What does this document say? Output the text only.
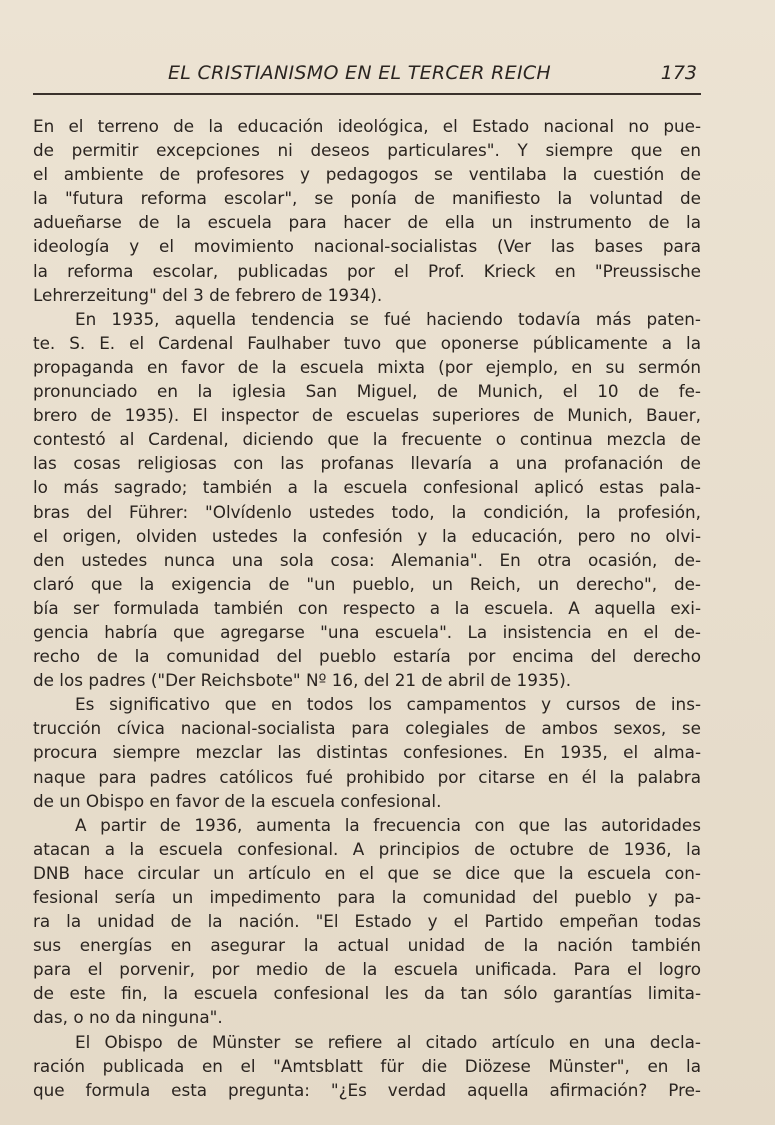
EL CRISTIANISMO EN EL TERCER REICH	173
En el terreno de la educación ideológica, el Estado nacional no pue-
de permitir excepciones ni deseos particulares". Y siempre que en
el ambiente de profesores y pedagogos se ventilaba la cuestión de
la "futura reforma escolar", se ponía de manifiesto la voluntad de
adueñarse de la escuela para hacer de ella un instrumento de la
ideología y el movimiento nacional-socialistas (Ver las bases para
la reforma escolar, publicadas por el Prof. Krieck en "Preussische
Lehrerzeitung" del 3 de febrero de 1934).
En 1935, aquella tendencia se fué haciendo todavía más paten-
te. S. E. el Cardenal Faulhaber tuvo que oponerse públicamente a la
propaganda en favor de la escuela mixta (por ejemplo, en su sermón
pronunciado en la iglesia San Miguel, de Munich, el 10 de fe-
brero de 1935). El inspector de escuelas superiores de Munich, Bauer,
contestó al Cardenal, diciendo que la frecuente o continua mezcla de
las cosas religiosas con las profanas llevaría a una profanación de
lo más sagrado; también a la escuela confesional aplicó estas pala-
bras del Führer: "Olvídenlo ustedes todo, la condición, la profesión,
el origen, olviden ustedes la confesión y la educación, pero no olvi-
den ustedes nunca una sola cosa: Alemania". En otra ocasión, de-
claró que la exigencia de "un pueblo, un Reich, un derecho", de-
bía ser formulada también con respecto a la escuela. A aquella exi-
gencia habría que agregarse "una escuela". La insistencia en el de-
recho de la comunidad del pueblo estaría por encima del derecho
de los padres ("Der Reichsbote" Nº 16, del 21 de abril de 1935).
Es significativo que en todos los campamentos y cursos de ins-
trucción cívica nacional-socialista para colegiales de ambos sexos, se
procura siempre mezclar las distintas confesiones. En 1935, el alma-
naque para padres católicos fué prohibido por citarse en él la palabra
de un Obispo en favor de la escuela confesional.
A partir de 1936, aumenta la frecuencia con que las autoridades
atacan a la escuela confesional. A principios de octubre de 1936, la
DNB hace circular un artículo en el que se dice que la escuela con-
fesional sería un impedimento para la comunidad del pueblo y pa-
ra la unidad de la nación. "El Estado y el Partido empeñan todas
sus energías en asegurar la actual unidad de la nación también
para el porvenir, por medio de la escuela unificada. Para el logro
de este fin, la escuela confesional les da tan sólo garantías limita-
das, o no da ninguna".
El Obispo de Münster se refiere al citado artículo en una decla-
ración publicada en el "Amtsblatt für die Diözese Münster", en la
que formula esta pregunta: "¿Es verdad aquella afirmación? Pre-
